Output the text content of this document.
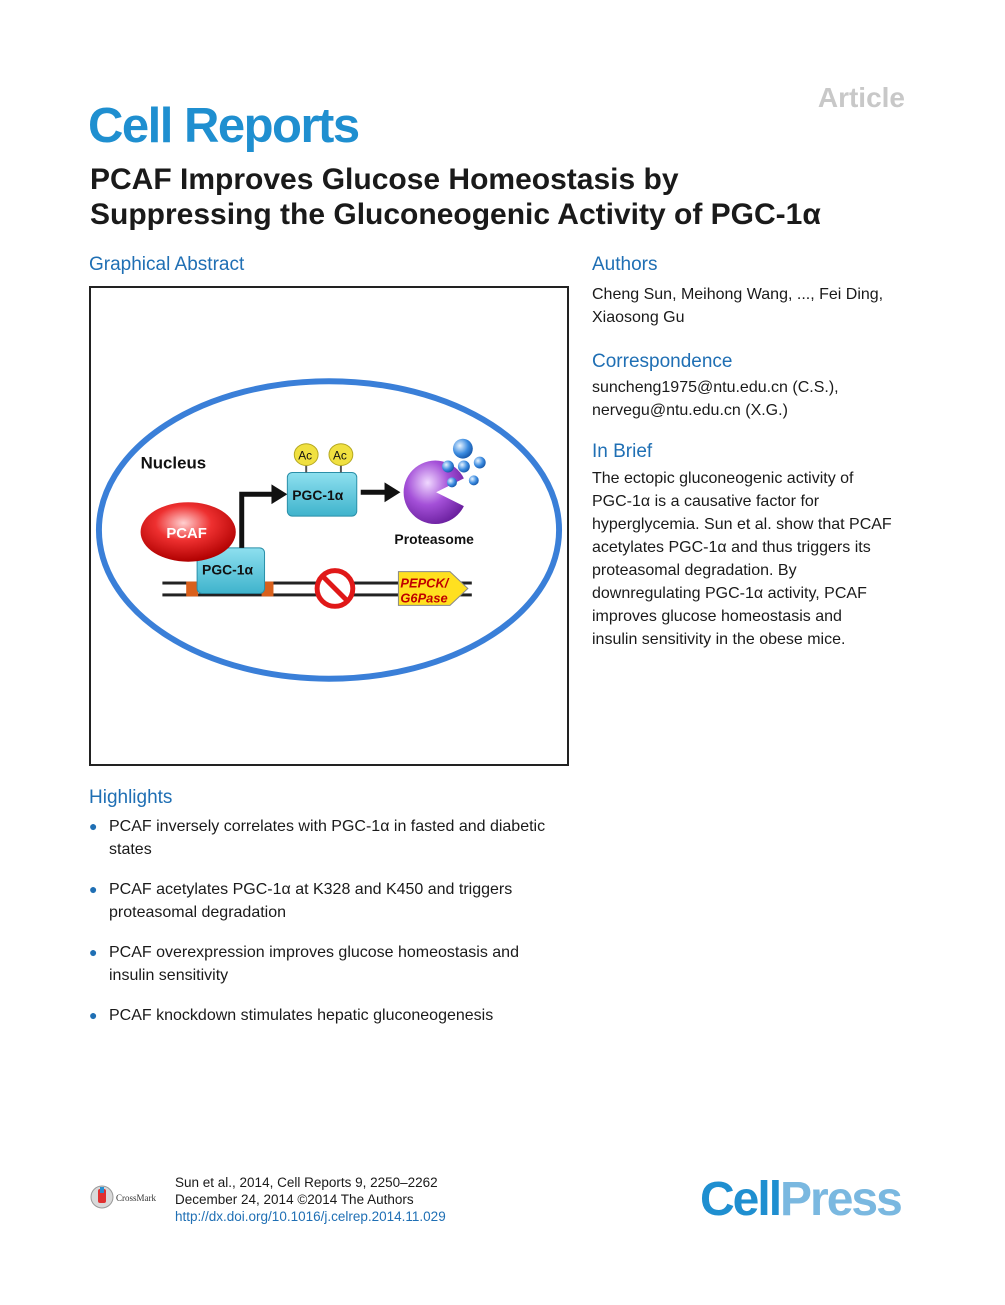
Cell Reports
Article
PCAF Improves Glucose Homeostasis by
Suppressing the Gluconeogenic Activity of PGC-1α
Graphical Abstract
Nucleus
PEPCK/
G6Pase
PGC-1α
PCAF
PGC-1α
Ac Ac
Proteasome
Authors
Cheng Sun, Meihong Wang, ..., Fei Ding,
Xiaosong Gu
Correspondence
suncheng1975@ntu.edu.cn (C.S.),
nervegu@ntu.edu.cn (X.G.)
In Brief
The ectopic gluconeogenic activity of
PGC-1α is a causative factor for
hyperglycemia. Sun et al. show that PCAF
acetylates PGC-1α and thus triggers its
proteasomal degradation. By
downregulating PGC-1α activity, PCAF
improves glucose homeostasis and
insulin sensitivity in the obese mice.
Highlights
● PCAF inversely correlates with PGC-1α in fasted and diabetic
states
● PCAF acetylates PGC-1α at K328 and K450 and triggers
proteasomal degradation
● PCAF overexpression improves glucose homeostasis and
insulin sensitivity
● PCAF knockdown stimulates hepatic gluconeogenesis
CrossMark
Sun et al., 2014, Cell Reports 9, 2250–2262
December 24, 2014 ©2014 The Authors
http://dx.doi.org/10.1016/j.celrep.2014.11.029	CellPress
